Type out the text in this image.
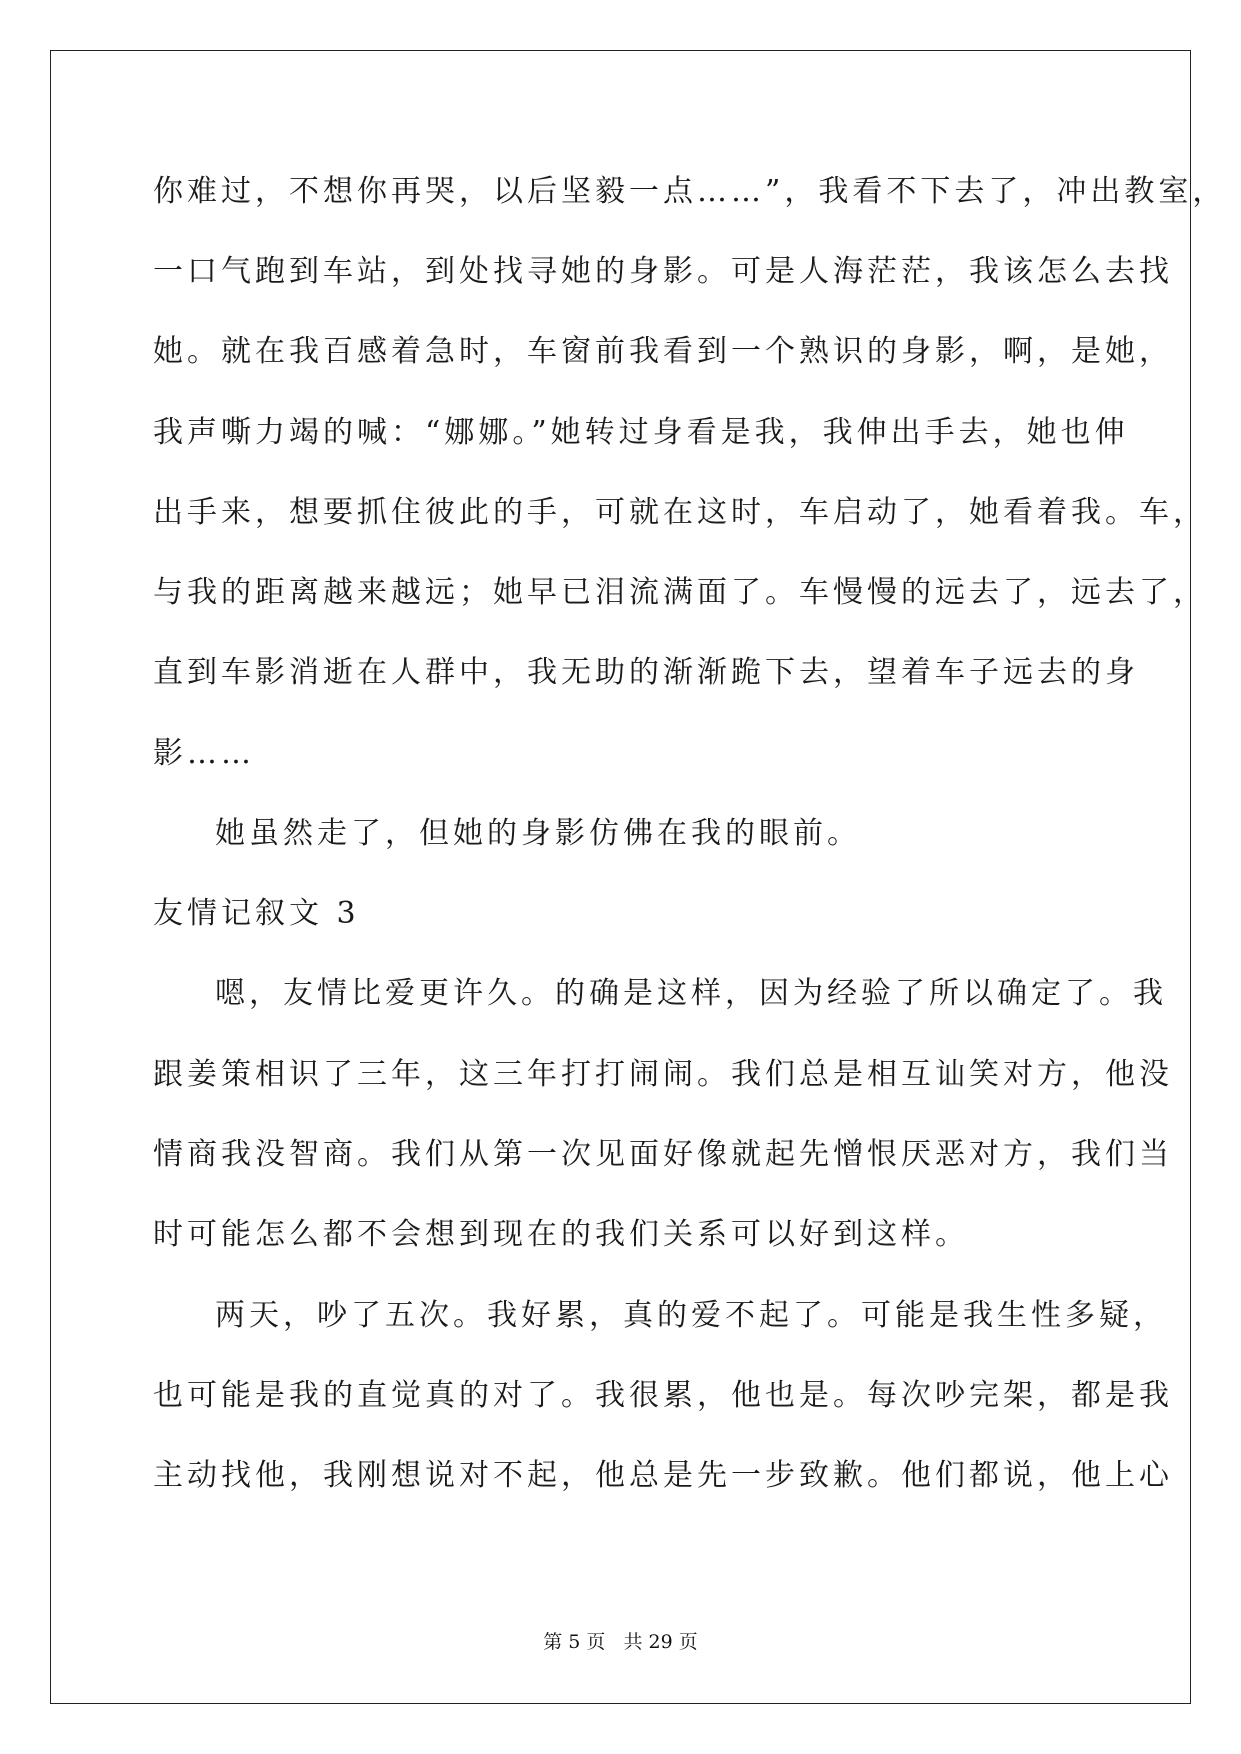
你难过，不想你再哭，以后坚毅一点……”，我看不下去了，冲出教室，
一口气跑到车站，到处找寻她的身影。可是人海茫茫，我该怎么去找
她。就在我百感着急时，车窗前我看到一个熟识的身影，啊，是她，
我声嘶力竭的喊：“娜娜。”她转过身看是我，我伸出手去，她也伸
出手来，想要抓住彼此的手，可就在这时，车启动了，她看着我。车，
与我的距离越来越远；她早已泪流满面了。车慢慢的远去了，远去了，
直到车影消逝在人群中，我无助的渐渐跪下去，望着车子远去的身
影……
她虽然走了，但她的身影仿佛在我的眼前。
友情记叙文 3
嗯，友情比爱更许久。的确是这样，因为经验了所以确定了。我
跟姜策相识了三年，这三年打打闹闹。我们总是相互讪笑对方，他没
情商我没智商。我们从第一次见面好像就起先憎恨厌恶对方，我们当
时可能怎么都不会想到现在的我们关系可以好到这样。
两天，吵了五次。我好累，真的爱不起了。可能是我生性多疑，
也可能是我的直觉真的对了。我很累，他也是。每次吵完架，都是我
主动找他，我刚想说对不起，他总是先一步致歉。他们都说，他上心
第 5 页 共 29 页
